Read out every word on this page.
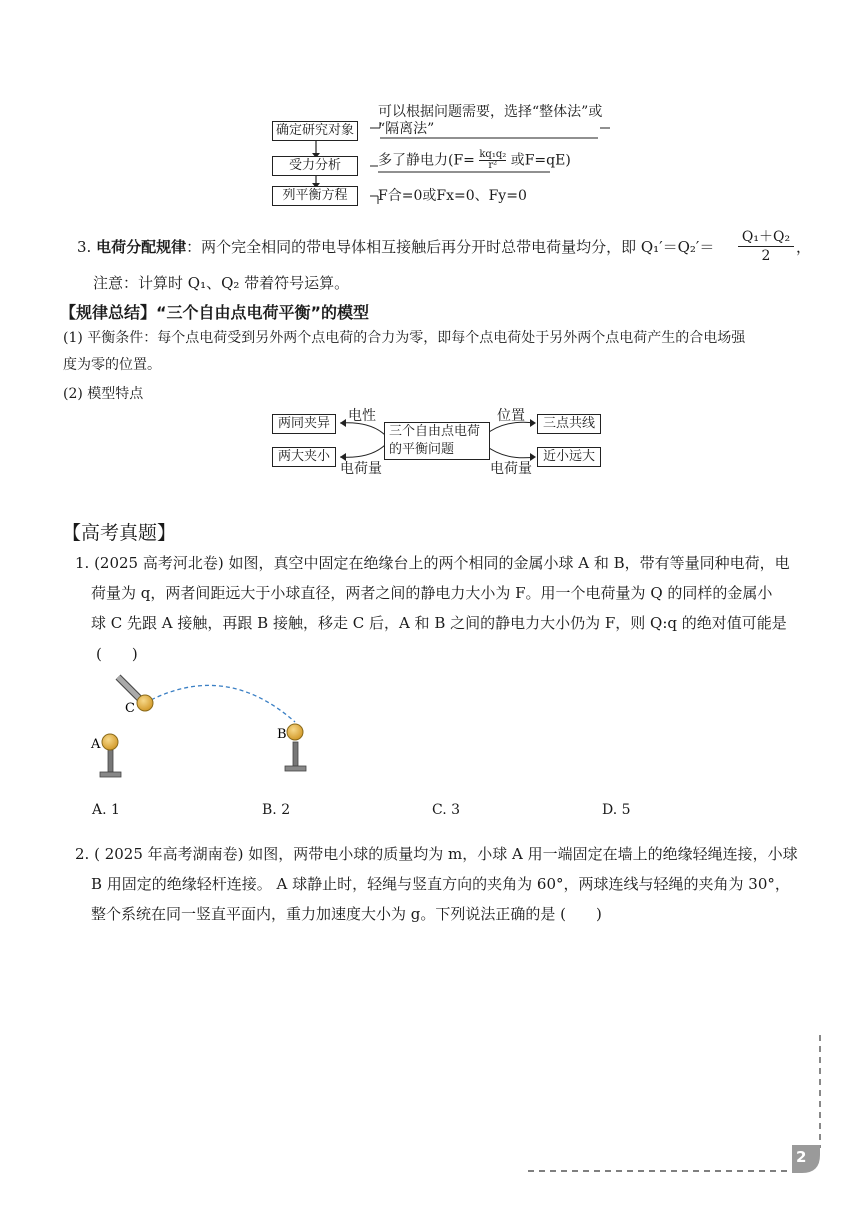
确定研究对象
受力分析
列平衡方程
可以根据问题需要，选择“整体法”或
“隔离法”
多了静电力($F= \frac{\text{kq₁q₂}}{\text{r²}}$ 或F=qE)
F合=0或Fx=0、Fy=0
3. 电荷分配规律：两个完全相同的带电导体相互接触后再分开时总带电荷量均分，即 $Q_1'=Q_2'= \frac{\text{Q₁＋Q₂}}{2}$ ，
注意：计算时 Q₁、Q₂ 带着符号运算。
【规律总结】“三个自由点电荷平衡”的模型
(1) 平衡条件：每个点电荷受到另外两个点电荷的合力为零，即每个点电荷处于另外两个点电荷产生的合电场强
度为零的位置。
(2) 模型特点
两同夹异
两大夹小
三个自由点电荷
的平衡问题
三点共线
近小远大
电性
电荷量
位置
电荷量
【高考真题】
1. (2025 高考河北卷) 如图，真空中固定在绝缘台上的两个相同的金属小球 A 和 B，带有等量同种电荷，电
荷量为 q，两者间距远大于小球直径，两者之间的静电力大小为 F。用一个电荷量为 Q 的同样的金属小
球 C 先跟 A 接触，再跟 B 接触，移走 C 后，A 和 B 之间的静电力大小仍为 F，则 Q:q 的绝对值可能是
(　　)
A
B
C
A. 1	B. 2	C. 3	D. 5
2. ( 2025 年高考湖南卷) 如图，两带电小球的质量均为 m，小球 A 用一端固定在墙上的绝缘轻绳连接，小球
B 用固定的绝缘轻杆连接。 A 球静止时，轻绳与竖直方向的夹角为 60°，两球连线与轻绳的夹角为 30°，
整个系统在同一竖直平面内，重力加速度大小为 g。下列说法正确的是 (　　)
2
